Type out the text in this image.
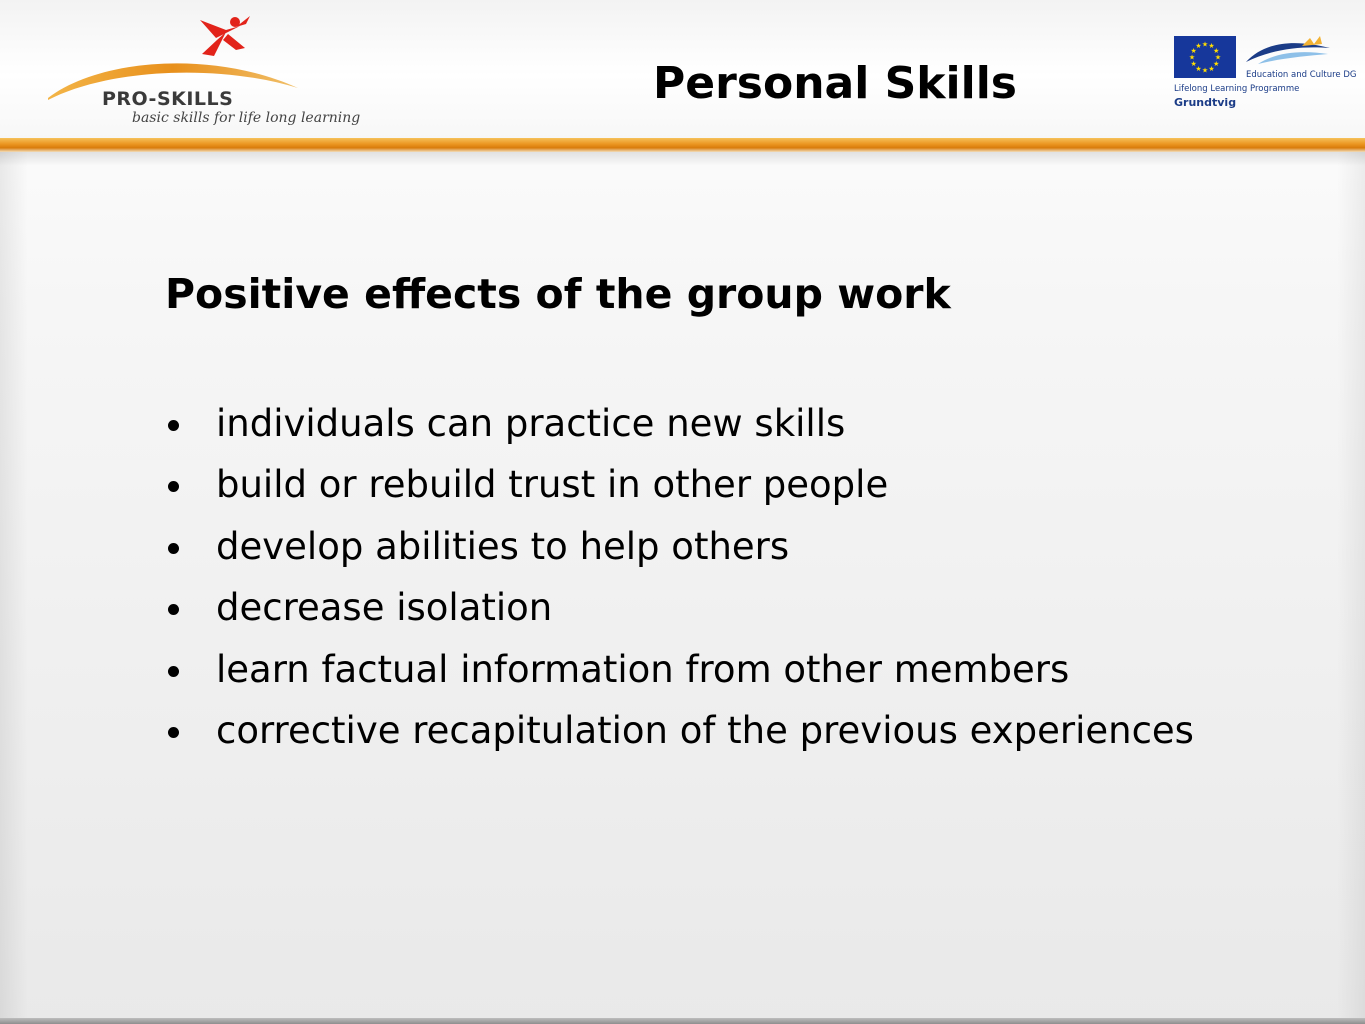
PRO-SKILLS
basic skills for life long learning
Personal Skills
★
★
★
★
★
★
★
★
★ ★ ★
★
Education and Culture DG
Lifelong Learning Programme
Grundtvig
Positive effects of the group work
individuals can practice new skills
build or rebuild trust in other people
develop abilities to help others
decrease isolation
learn factual information from other members
corrective recapitulation of the previous experiences
